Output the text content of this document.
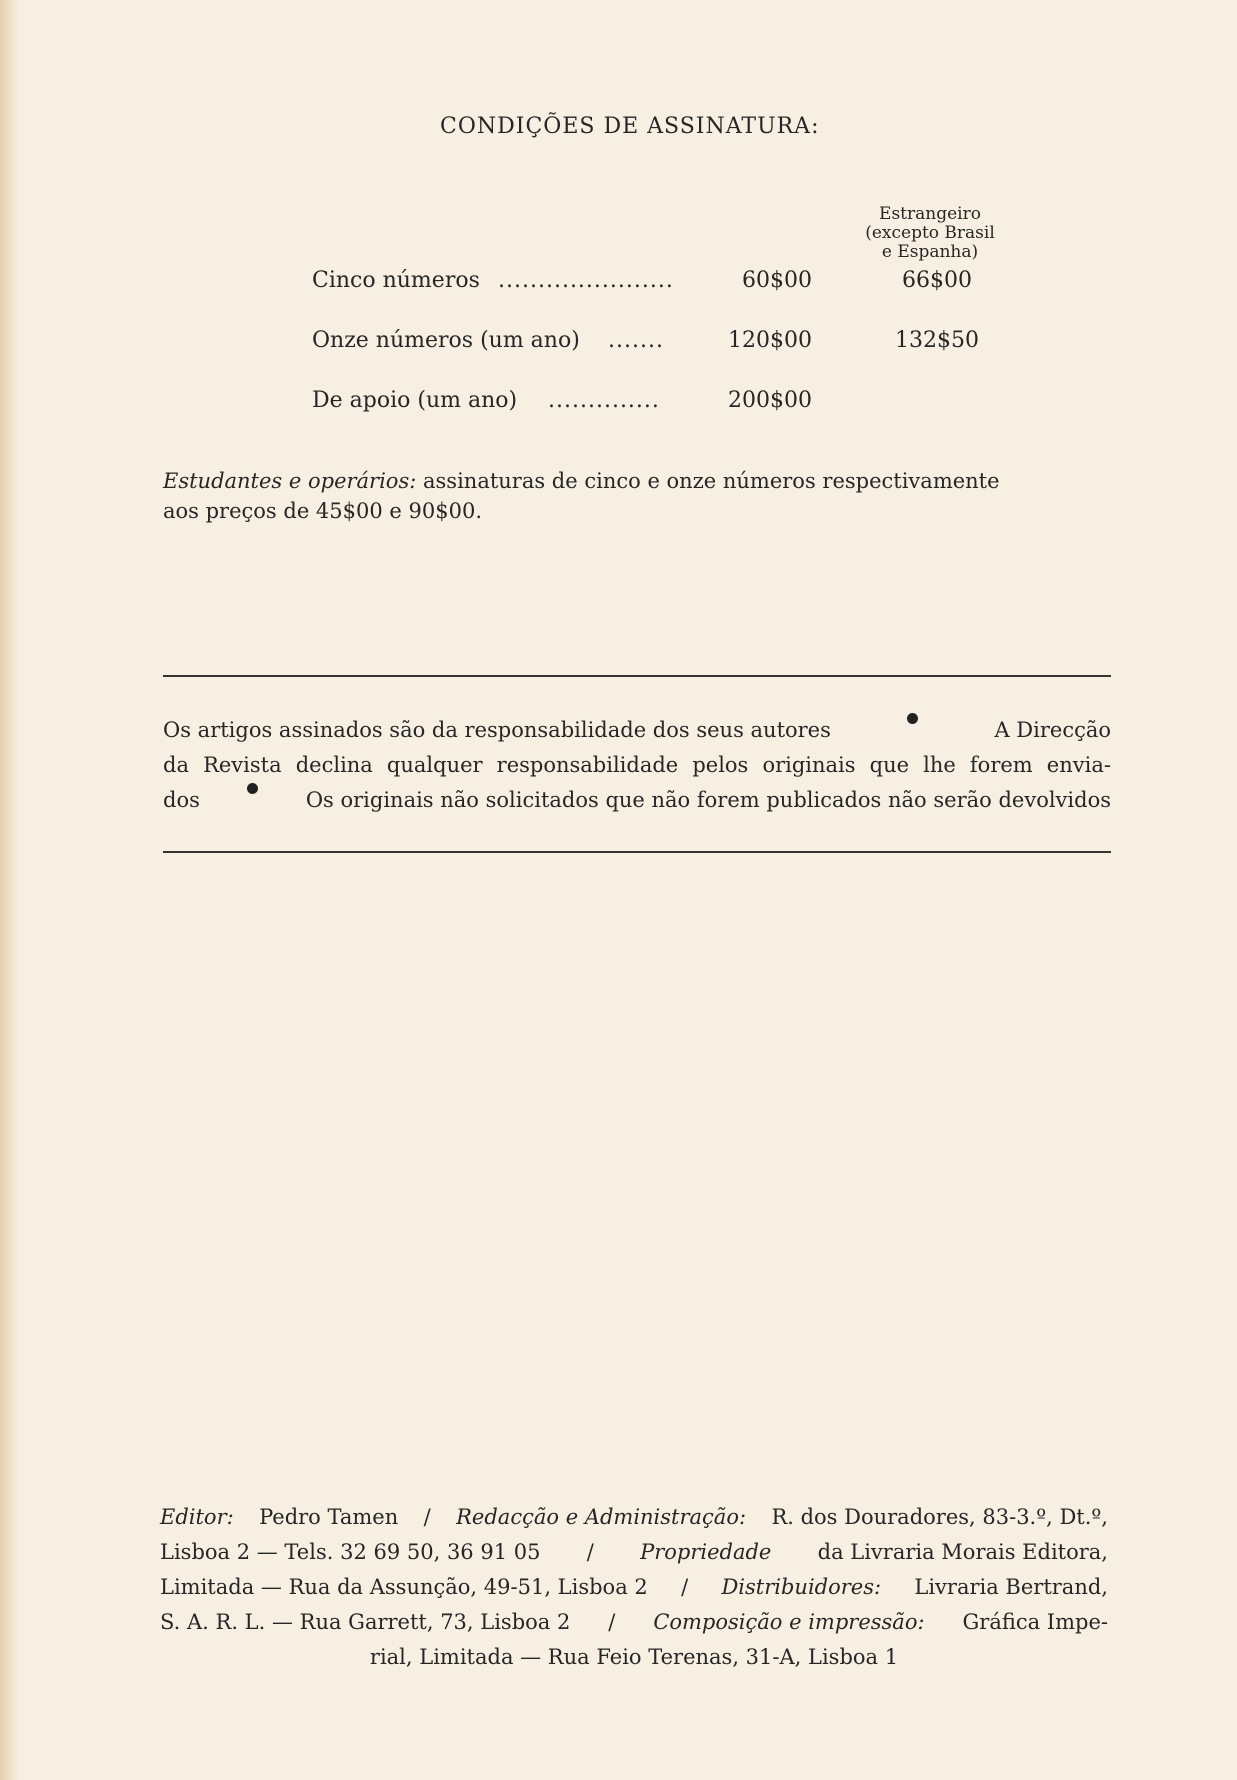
CONDIÇÕES DE ASSINATURA:
Estrangeiro
(excepto Brasil
e Espanha)
Cinco números ......................	60$00	66$00
Onze números (um ano) .......	120$00	132$50
De apoio (um ano) ..............	200$00
Estudantes e operários: assinaturas de cinco e onze números respectivamente
aos preços de 45$00 e 90$00.
Os artigos assinados são da responsabilidade dos seus autores	A Direcção
da Revista declina qualquer responsabilidade pelos originais que lhe forem envia-
dos	Os originais não solicitados que não forem publicados não serão devolvidos
Editor: Pedro Tamen / Redacção e Administração: R. dos Douradores, 83-3.º, Dt.º,
Lisboa 2 — Tels. 32 69 50, 36 91 05 / Propriedade da Livraria Morais Editora,
Limitada — Rua da Assunção, 49-51, Lisboa 2 / Distribuidores: Livraria Bertrand,
S. A. R. L. — Rua Garrett, 73, Lisboa 2 / Composição e impressão: Gráfica Impe-
rial, Limitada — Rua Feio Terenas, 31-A, Lisboa 1
